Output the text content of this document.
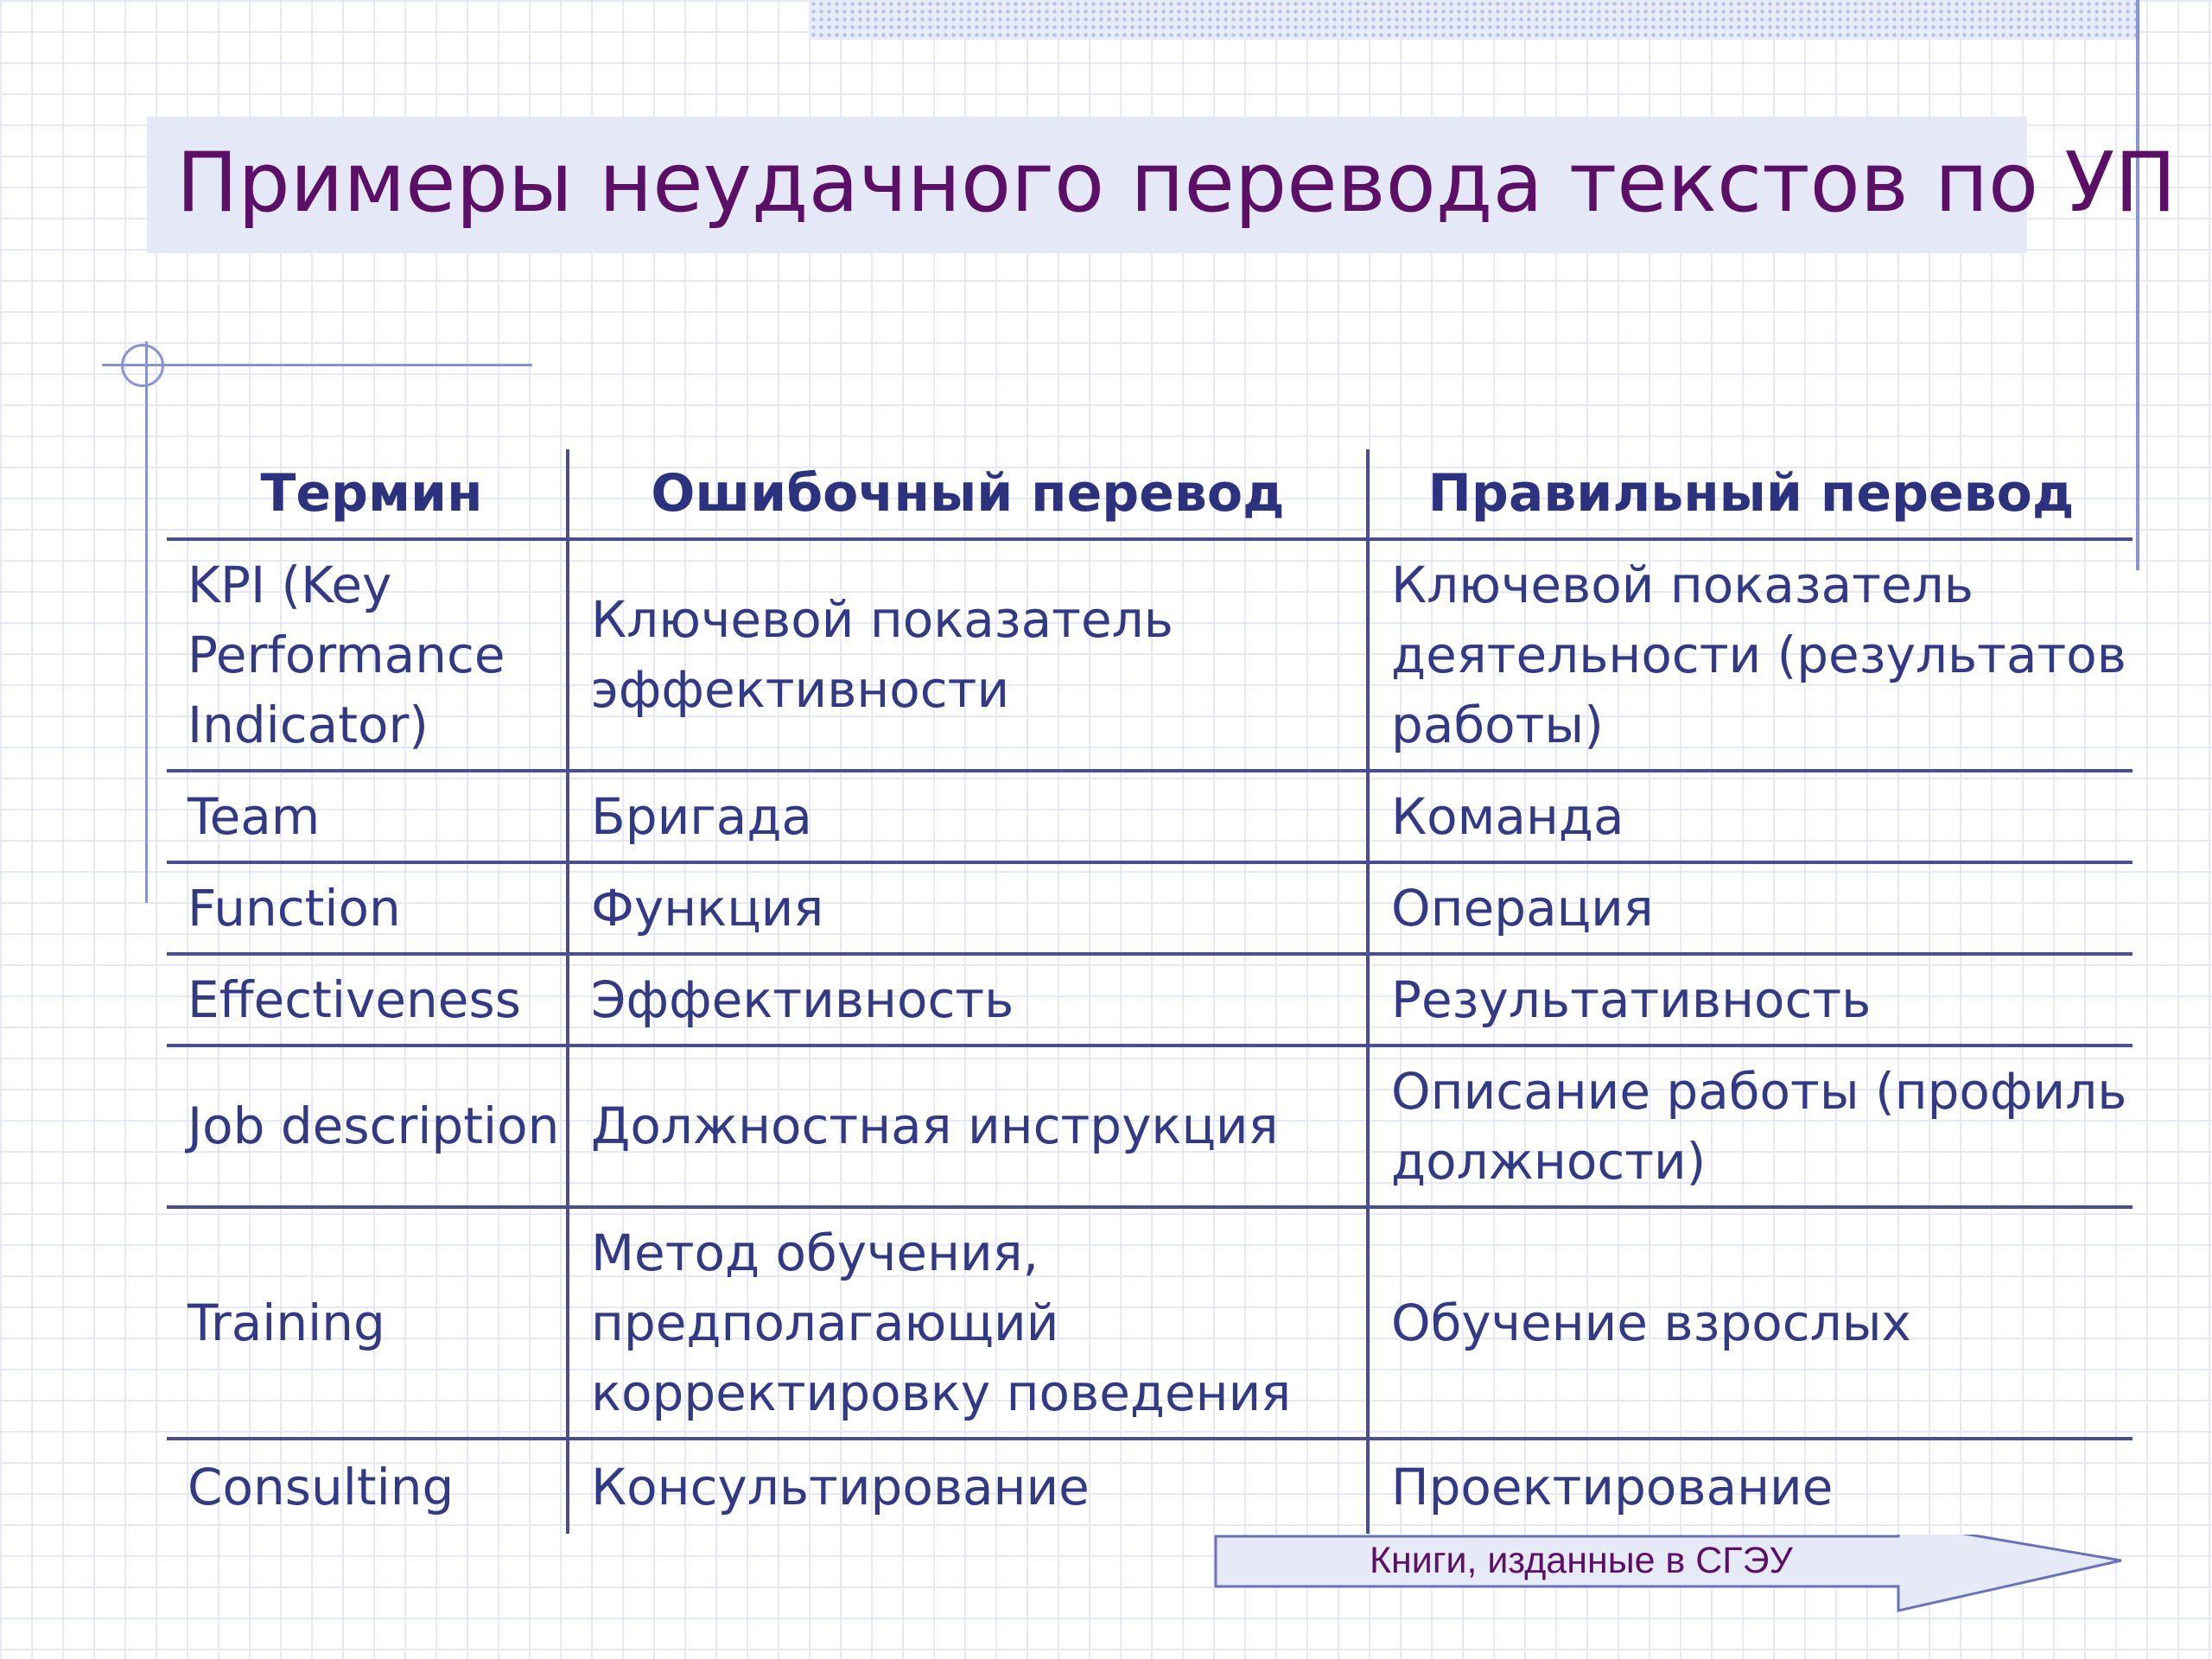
Примеры неудачного перевода текстов по УП
Термин	Ошибочный перевод	Правильный перевод
KPI (Key Performance Indicator)	Ключевой показатель эффективности	Ключевой показатель деятельности (результатов работы)
Team	Бригада	Команда
Function	Функция	Операция
Effectiveness	Эффективность	Результативность
Job description	Должностная инструкция	Описание работы (профиль должности)
Training	Метод обучения, предполагающий корректировку поведения	Обучение взрослых
Consulting	Консультирование	Проектирование
Книги, изданные в СГЭУ
